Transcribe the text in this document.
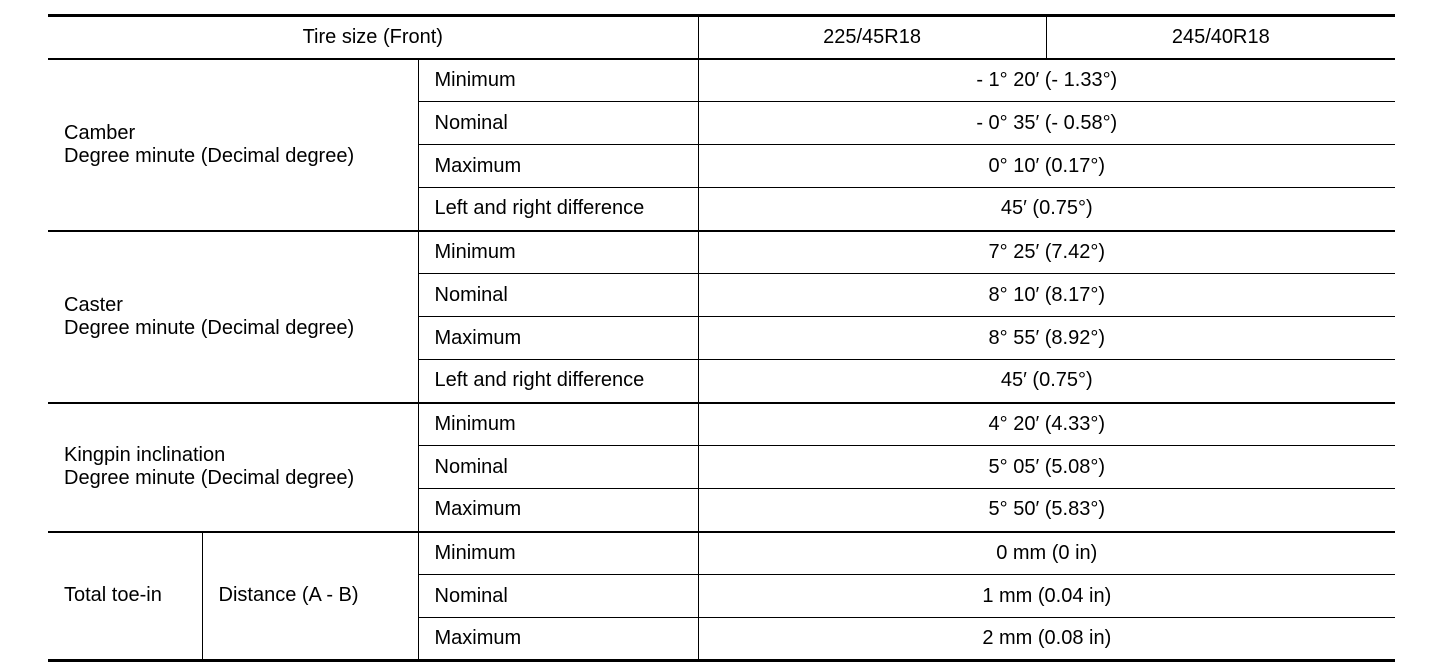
Tire size (Front)			225/45R18	245/40R18

Camber
Degree minute (Decimal degree)		Minimum	- 1° 20′ (- 1.33°)	
		Nominal	- 0° 35′ (- 0.58°)	
		Maximum	0° 10′ (0.17°)	
		Left and right difference	45′ (0.75°)	

Caster
Degree minute (Decimal degree)		Minimum	7° 25′ (7.42°)	
		Nominal	8° 10′ (8.17°)	
		Maximum	8° 55′ (8.92°)	
		Left and right difference	45′ (0.75°)	

Kingpin inclination
Degree minute (Decimal degree)		Minimum	4° 20′ (4.33°)	
		Nominal	5° 05′ (5.08°)	
		Maximum	5° 50′ (5.83°)	
Total toe-in	Distance (A - B)	Minimum	0 mm (0 in)	
		Nominal	1 mm (0.04 in)	
		Maximum	2 mm (0.08 in)	
